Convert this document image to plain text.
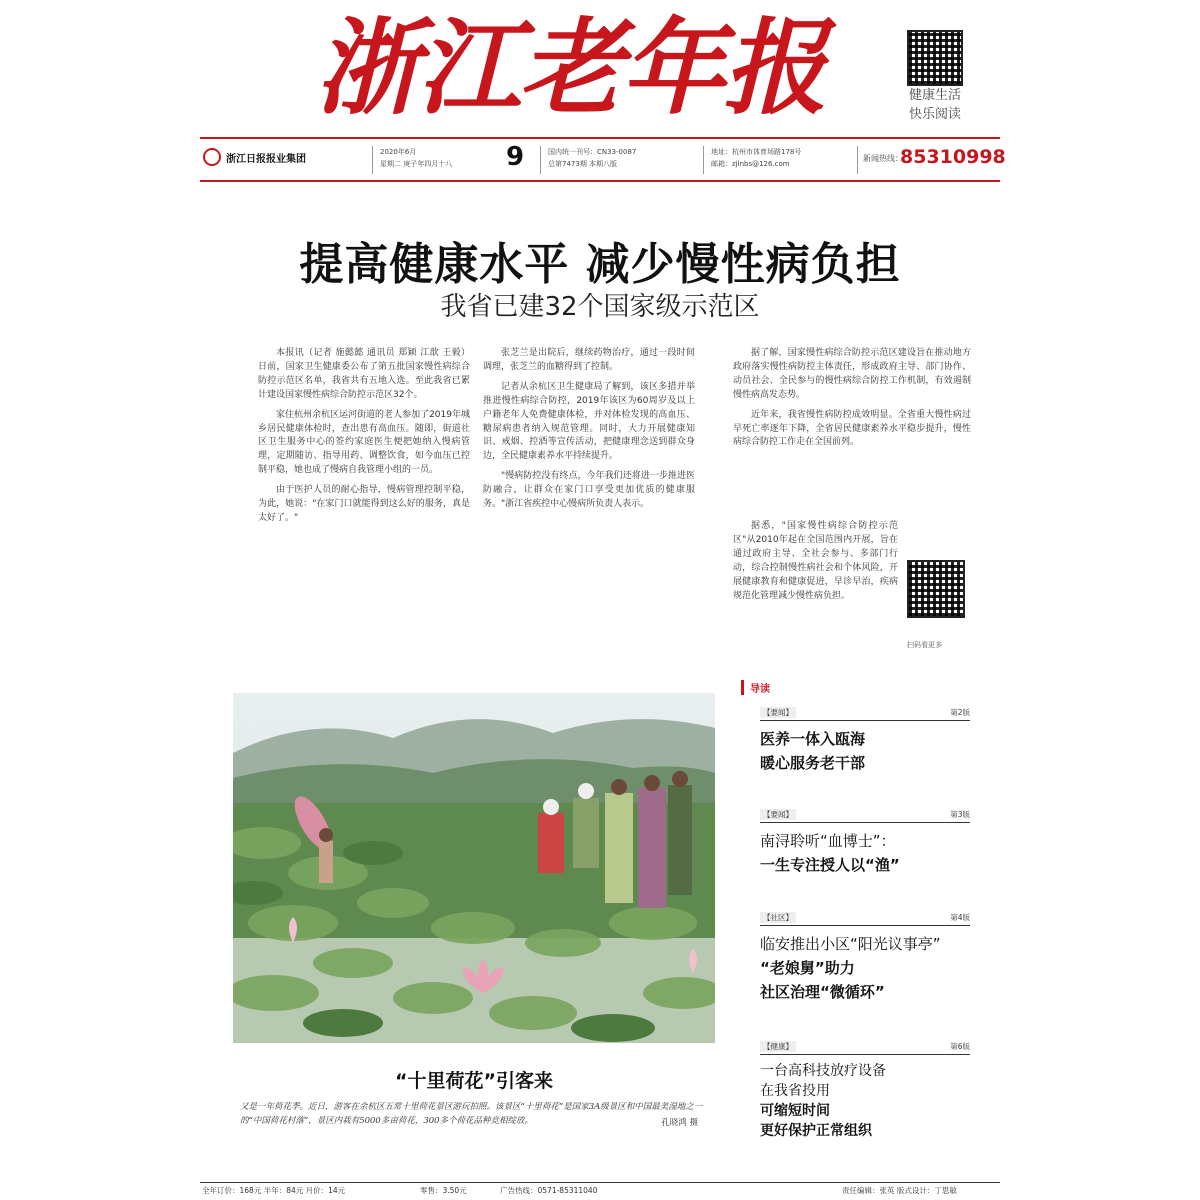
浙江老年报	健康生活
快乐阅读
浙江日报报业集团
2020年6月
星期二 庚子年四月十八 9	国内统一刊号：CN33-0087
总第7473期 本期八版
地址：杭州市体育场路178号
邮箱：zjlnbs@126.com
新闻热线：
85310998
提高健康水平 减少慢性病负担
我省已建32个国家级示范区

本报讯（记者 施懿懿 通讯员 郑颖 江歆 王毅）日前，国家卫生健康委公布了第五批国家慢性病综合防控示范区名单，我省共有五地入选。至此我省已累计建设国家慢性病综合防控示范区32个。

家住杭州余杭区运河街道的老人参加了2019年城乡居民健康体检时，查出患有高血压。随即，街道社区卫生服务中心的签约家庭医生便把她纳入慢病管理，定期随访、指导用药、调整饮食，如今血压已控制平稳，她也成了慢病自我管理小组的一员。

由于医护人员的耐心指导，慢病管理控制平稳，为此，她说："在家门口就能得到这么好的服务，真是太好了。"

张芝兰是出院后，继续药物治疗，通过一段时间调理，张芝兰的血糖得到了控制。

记者从余杭区卫生健康局了解到，该区多措并举推进慢性病综合防控，2019年该区为60周岁及以上户籍老年人免费健康体检，并对体检发现的高血压、糖尿病患者纳入规范管理。同时，大力开展健康知识、戒烟、控酒等宣传活动，把健康理念送到群众身边，全民健康素养水平持续提升。

"慢病防控没有终点，今年我们还将进一步推进医防融合，让群众在家门口享受更加优质的健康服务。"浙江省疾控中心慢病所负责人表示。

据了解，国家慢性病综合防控示范区建设旨在推动地方政府落实慢性病防控主体责任，形成政府主导、部门协作、动员社会、全民参与的慢性病综合防控工作机制，有效遏制慢性病高发态势。

近年来，我省慢性病防控成效明显。全省重大慢性病过早死亡率逐年下降，全省居民健康素养水平稳步提升，慢性病综合防控工作走在全国前列。

据悉，"国家慢性病综合防控示范区"从2010年起在全国范围内开展，旨在通过政府主导、全社会参与、多部门行动，综合控制慢性病社会和个体风险，开展健康教育和健康促进，早诊早治，疾病规范化管理减少慢性病负担。

扫码看更多
“十里荷花”引客来
又是一年荷花季。近日，游客在余杭区五常十里荷花景区游玩拍照。该景区“十里荷花”是国家3A级景区和中国最美湿地之一的“中国荷花村落”，景区内栽有5000多亩荷花，300多个荷花品种竞相绽放。	孔晓鸿 摄
导读
【要闻】	第2版
医养一体入瓯海
暖心服务老干部
【要闻】	第3版
南浔聆听“血博士”：
一生专注授人以“渔”
【社区】	第4版
临安推出小区“阳光议事亭”
“老娘舅”助力
社区治理“微循环”
【健康】	第6版
一台高科技放疗设备
在我省投用
可缩短时间
更好保护正常组织
全年订价：168元 半年：84元 月价：14元	零售：3.50元	广告热线：0571-85311040	责任编辑：张英 版式设计：丁思敏
